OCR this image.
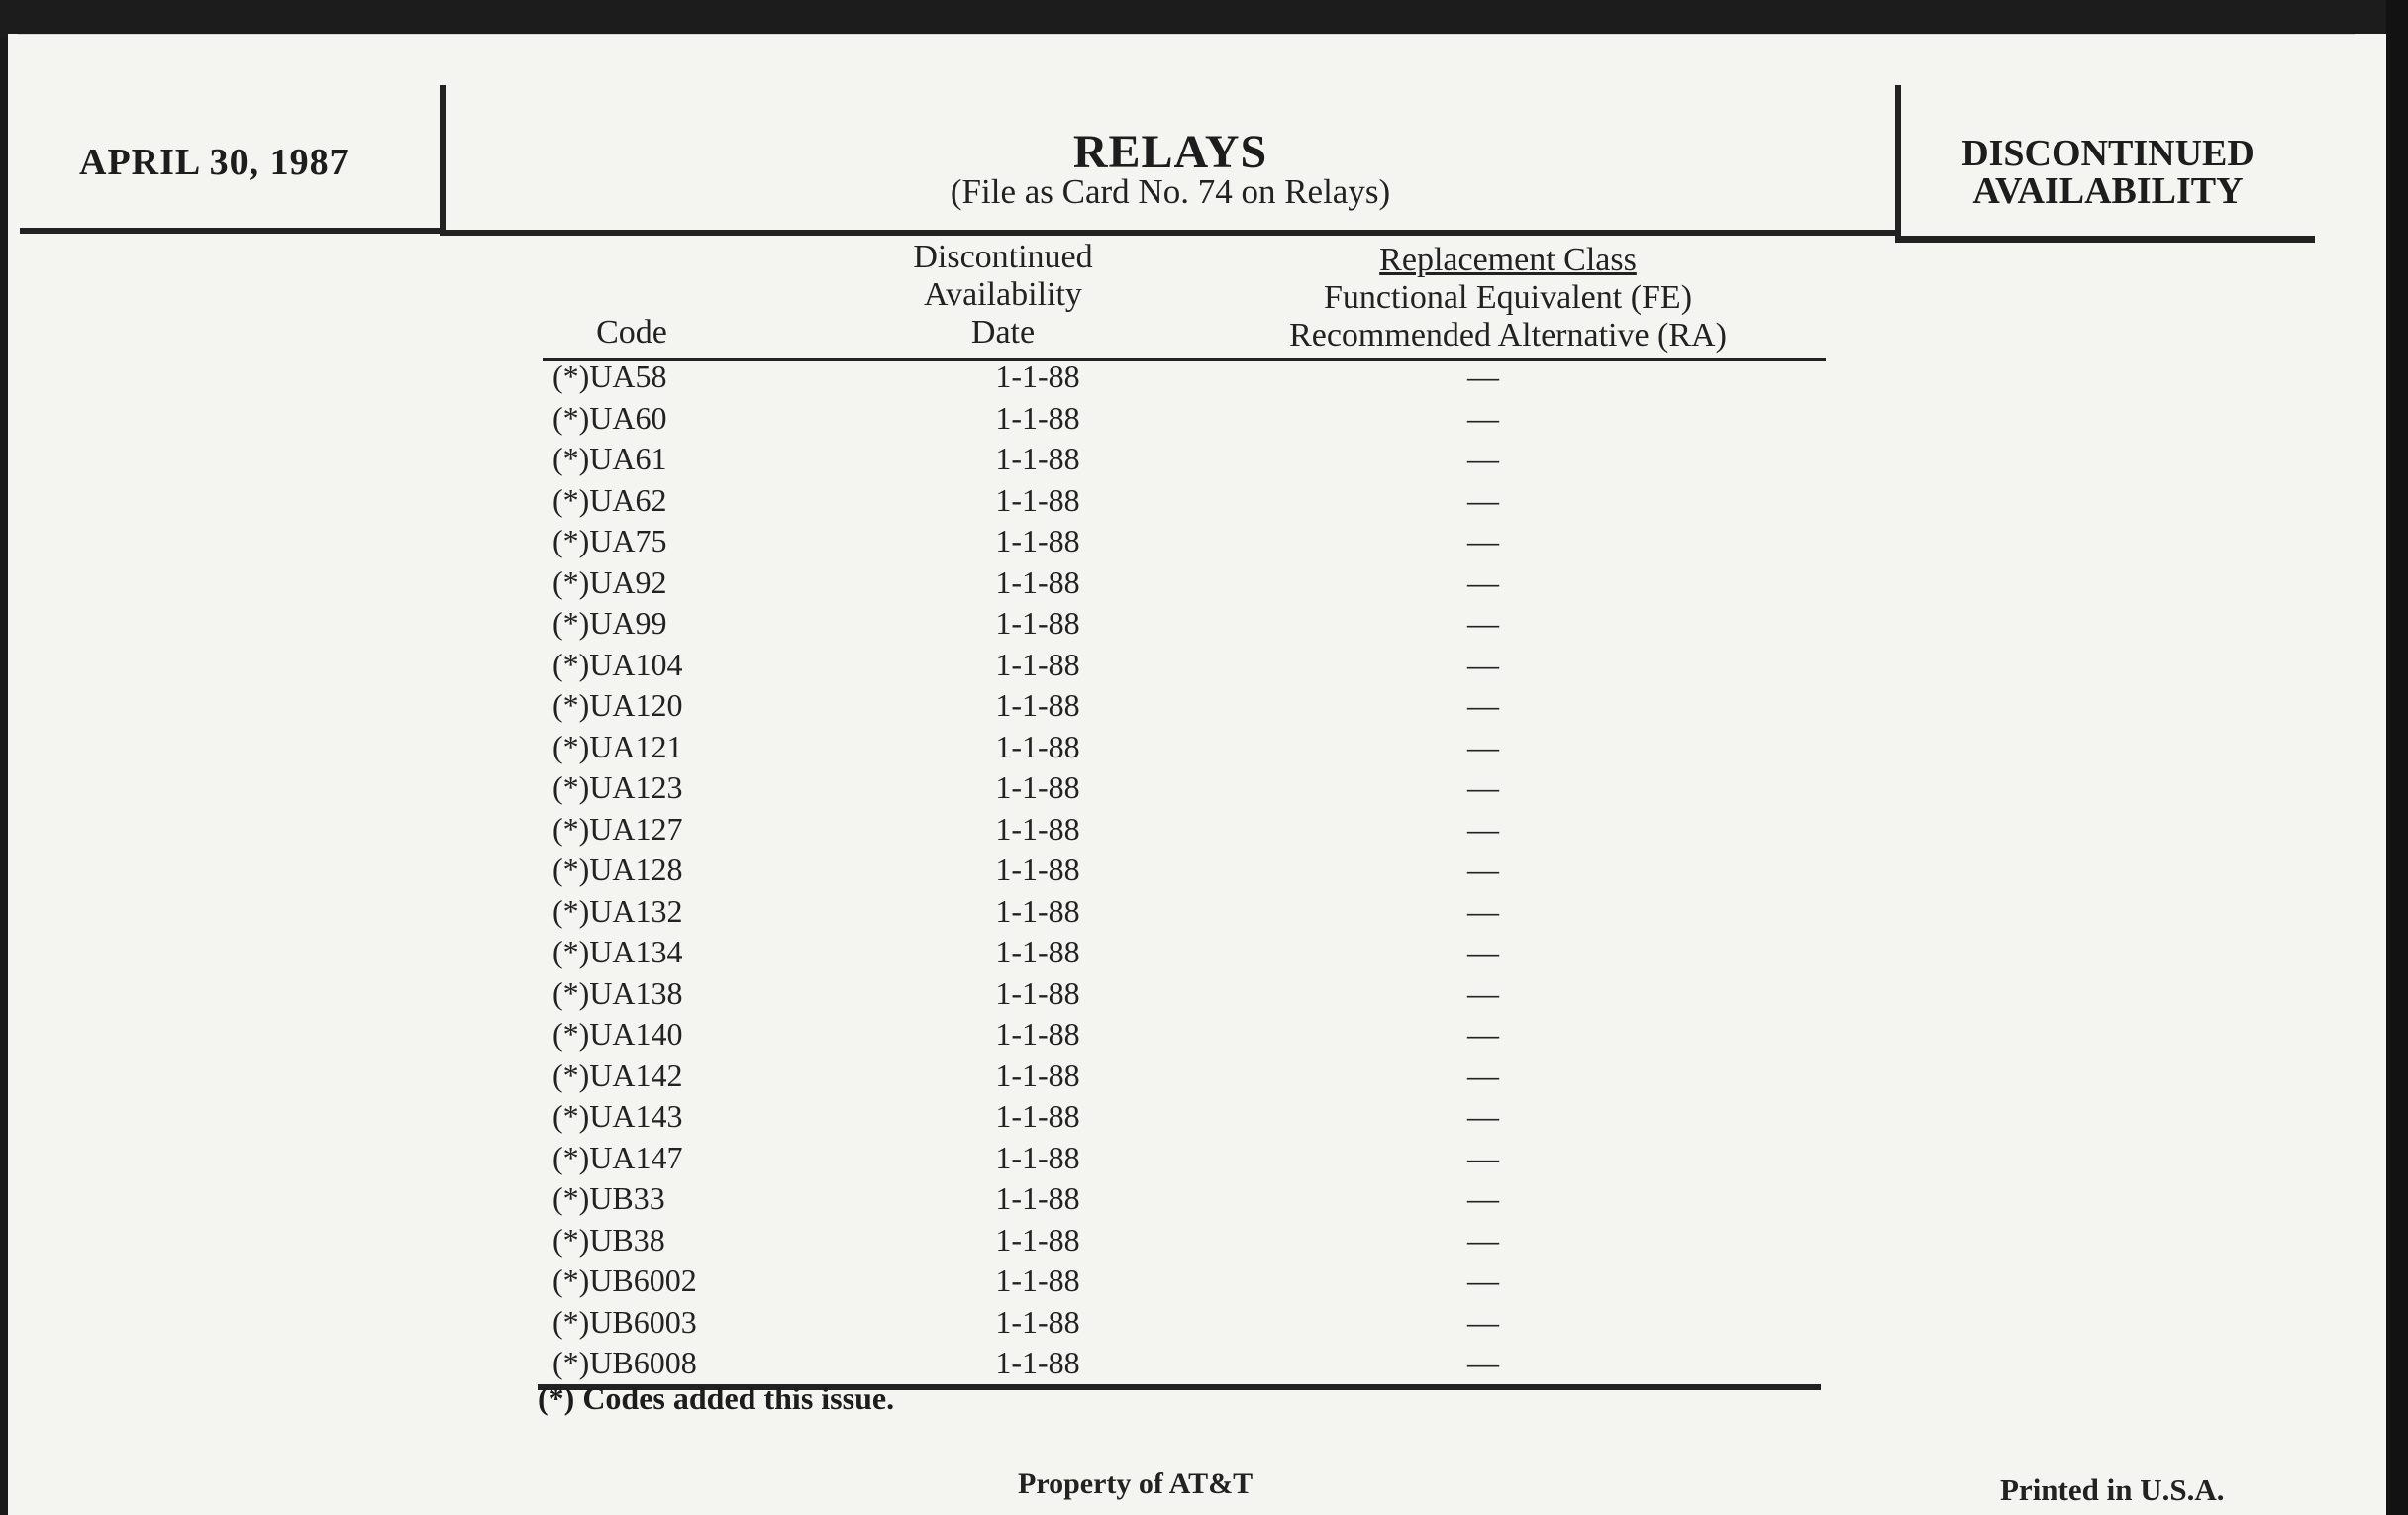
APRIL 30, 1987	RELAYS
(File as Card No. 74 on Relays)
DISCONTINUED
AVAILABILITY
Code
Discontinued
Availability
Date
Replacement Class
Functional Equivalent (FE)
Recommended Alternative (RA)
(*)UA58	1-1-88	—
(*)UA60	1-1-88	—
(*)UA61	1-1-88	—
(*)UA62	1-1-88	—
(*)UA75	1-1-88	—
(*)UA92	1-1-88	—
(*)UA99	1-1-88	—
(*)UA104	1-1-88	—
(*)UA120	1-1-88	—
(*)UA121	1-1-88	—
(*)UA123	1-1-88	—
(*)UA127	1-1-88	—
(*)UA128	1-1-88	—
(*)UA132	1-1-88	—
(*)UA134	1-1-88	—
(*)UA138	1-1-88	—
(*)UA140	1-1-88	—
(*)UA142	1-1-88	—
(*)UA143	1-1-88	—
(*)UA147	1-1-88	—
(*)UB33	1-1-88	—
(*)UB38	1-1-88	—
(*)UB6002	1-1-88	—
(*)UB6003	1-1-88	—
(*)UB6008	1-1-88	—
(*) Codes added this issue.
Property of AT&T	Printed in U.S.A.
